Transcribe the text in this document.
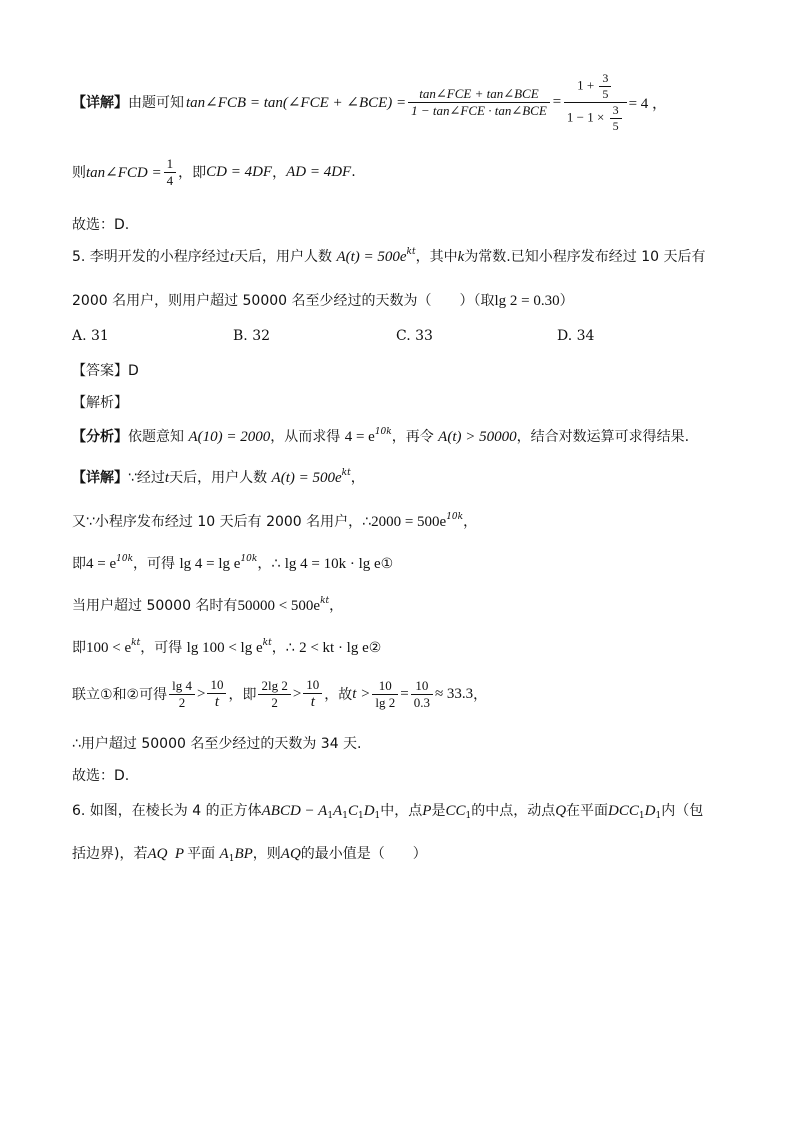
【详解】 由题可知 tan∠FCB = tan(∠FCE + ∠BCE) = $\frac{\text{tan∠FCE + tan∠BCE}}{\text{1 − tan∠FCE · tan∠BCE}} = \frac{1 + \frac{3}{5}}{1 - 1 \times \frac{3}{5}} = 4$ ，
则 tan∠FCD = $\frac{1}{4}$ ，即 CD = 4DF ， AD = 4DF .
故选：D.
5. 李明开发的小程序经过t天后，用户人数 $A(t) = 500e^{kt}$，其中k为常数.已知小程序发布经过 10 天后有
2000 名用户，则用户超过 50000 名至少经过的天数为（　　）（取lg 2 = 0.30）
A. 31	B. 32	C. 33	D. 34
【答案】D
【解析】
【分析】依题意知 A(10) = 2000，从而求得 $4 = e^{10k}$，再令 A(t) > 50000，结合对数运算可求得结果.
【详解】∵经过t天后，用户人数 $A(t) = 500e^{kt}$，
又∵小程序发布经过 10 天后有 2000 名用户，∴2000 = $500e^{10k}$，
即$4 = e^{10k}$，可得 $\lg 4 = \lg e^{10k}$，∴ lg 4 = 10k · lg e①
当用户超过 50000 名时有$50000 < 500e^{kt}$，
即$100 < e^{kt}$，可得 $\lg 100 < \lg e^{kt}$，∴ 2 < kt · lg e②
联立①和②可得 $\frac{\lg 4}{2} > \frac{10}{t}$ ，即 $\frac{2\lg 2}{2} > \frac{10}{t}$ ，故 $t > \frac{10}{\lg 2} = \frac{10}{0.3} \approx 33.3$ ，
∴用户超过 50000 名至少经过的天数为 34 天.
故选：D.
6. 如图，在棱长为 4 的正方体ABCD − $A_1A_1C_1D_1$中，点P是$CC_1$的中点，动点Q在平面$DCC_1D_1$内（包
括边界)，若AQ P 平面 $A_1BP$，则AQ的最小值是（　　）
